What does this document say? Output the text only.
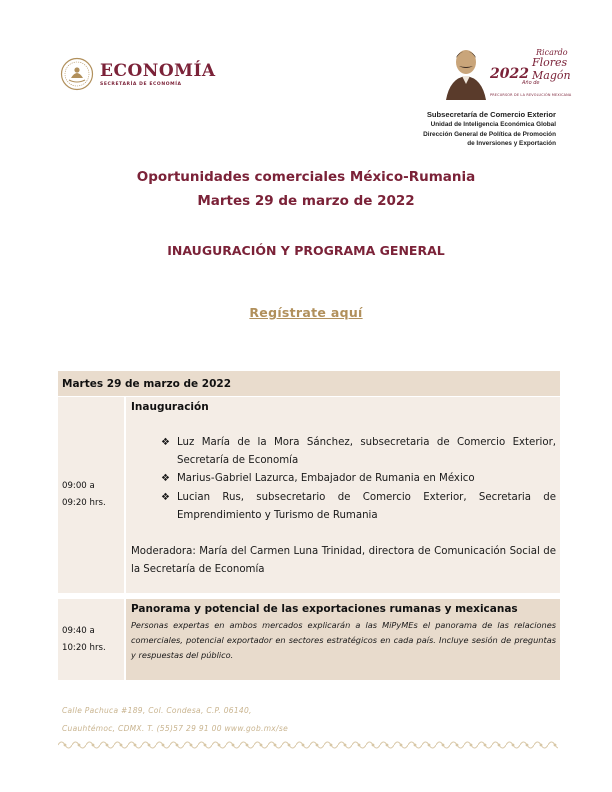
ECONOMÍA
SECRETARÍA DE ECONOMÍA
2022
Ricardo
Flores
Magón
Año de
PRECURSOR DE LA REVOLUCIÓN MEXICANA
Subsecretaría de Comercio Exterior
Unidad de Inteligencia Económica Global
Dirección General de Política de Promoción
de Inversiones y Exportación
Oportunidades comerciales México-Rumania
Martes 29 de marzo de 2022
INAUGURACIÓN Y PROGRAMA GENERAL
Regístrate aquí
Martes 29 de marzo de 2022
09:00 a
09:20 hrs.
Inauguración
❖ Luz María de la Mora Sánchez, subsecretaria de Comercio Exterior, Secretaría de Economía
❖ Marius-Gabriel Lazurca, Embajador de Rumania en México
❖ Lucian Rus, subsecretario de Comercio Exterior, Secretaria de Emprendimiento y Turismo de Rumania
Moderadora: María del Carmen Luna Trinidad, directora de Comunicación Social de la Secretaría de Economía
09:40 a
10:20 hrs.
Panorama y potencial de las exportaciones rumanas y mexicanas
Personas expertas en ambos mercados explicarán a las MiPyMEs el panorama de las relaciones comerciales, potencial exportador en sectores estratégicos en cada país. Incluye sesión de preguntas y respuestas del público.
Calle Pachuca #189, Col. Condesa, C.P. 06140,
Cuauhtémoc, CDMX. T. (55)57 29 91 00 www.gob.mx/se
